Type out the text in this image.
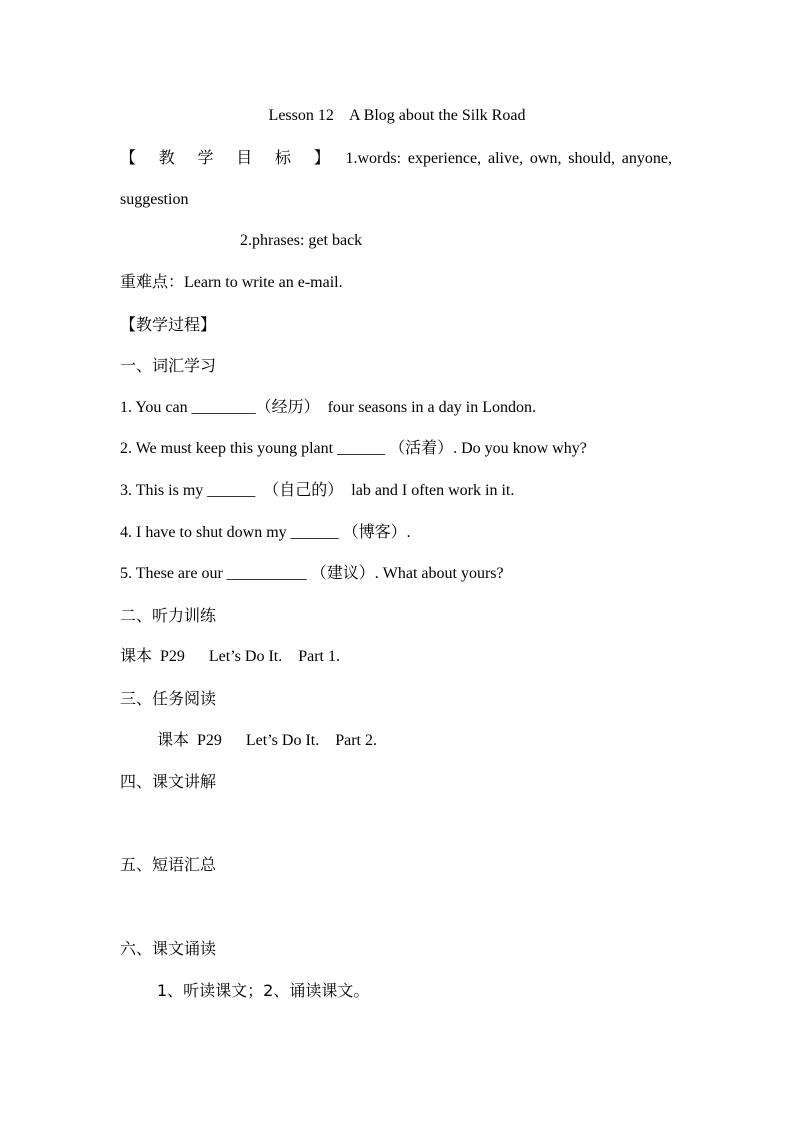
Lesson 12    A Blog about the Silk Road
【 教 学 目 标 】 1.words: experience, alive, own, should, anyone,
suggestion
2.phrases: get back
重难点：Learn to write an e-mail.
【教学过程】
一、词汇学习
1. You can ________（经历）  four seasons in a day in London.
2. We must keep this young plant ______ （活着）. Do you know why?
3. This is my ______  （自己的）  lab and I often work in it.
4. I have to shut down my ______ （博客）.
5. These are our __________ （建议）. What about yours?
二、听力训练
课本  P29      Let’s Do It.    Part 1.
三、任务阅读
课本  P29      Let’s Do It.    Part 2.
四、课文讲解
五、短语汇总
六、课文诵读
1、听读课文；2、诵读课文。
